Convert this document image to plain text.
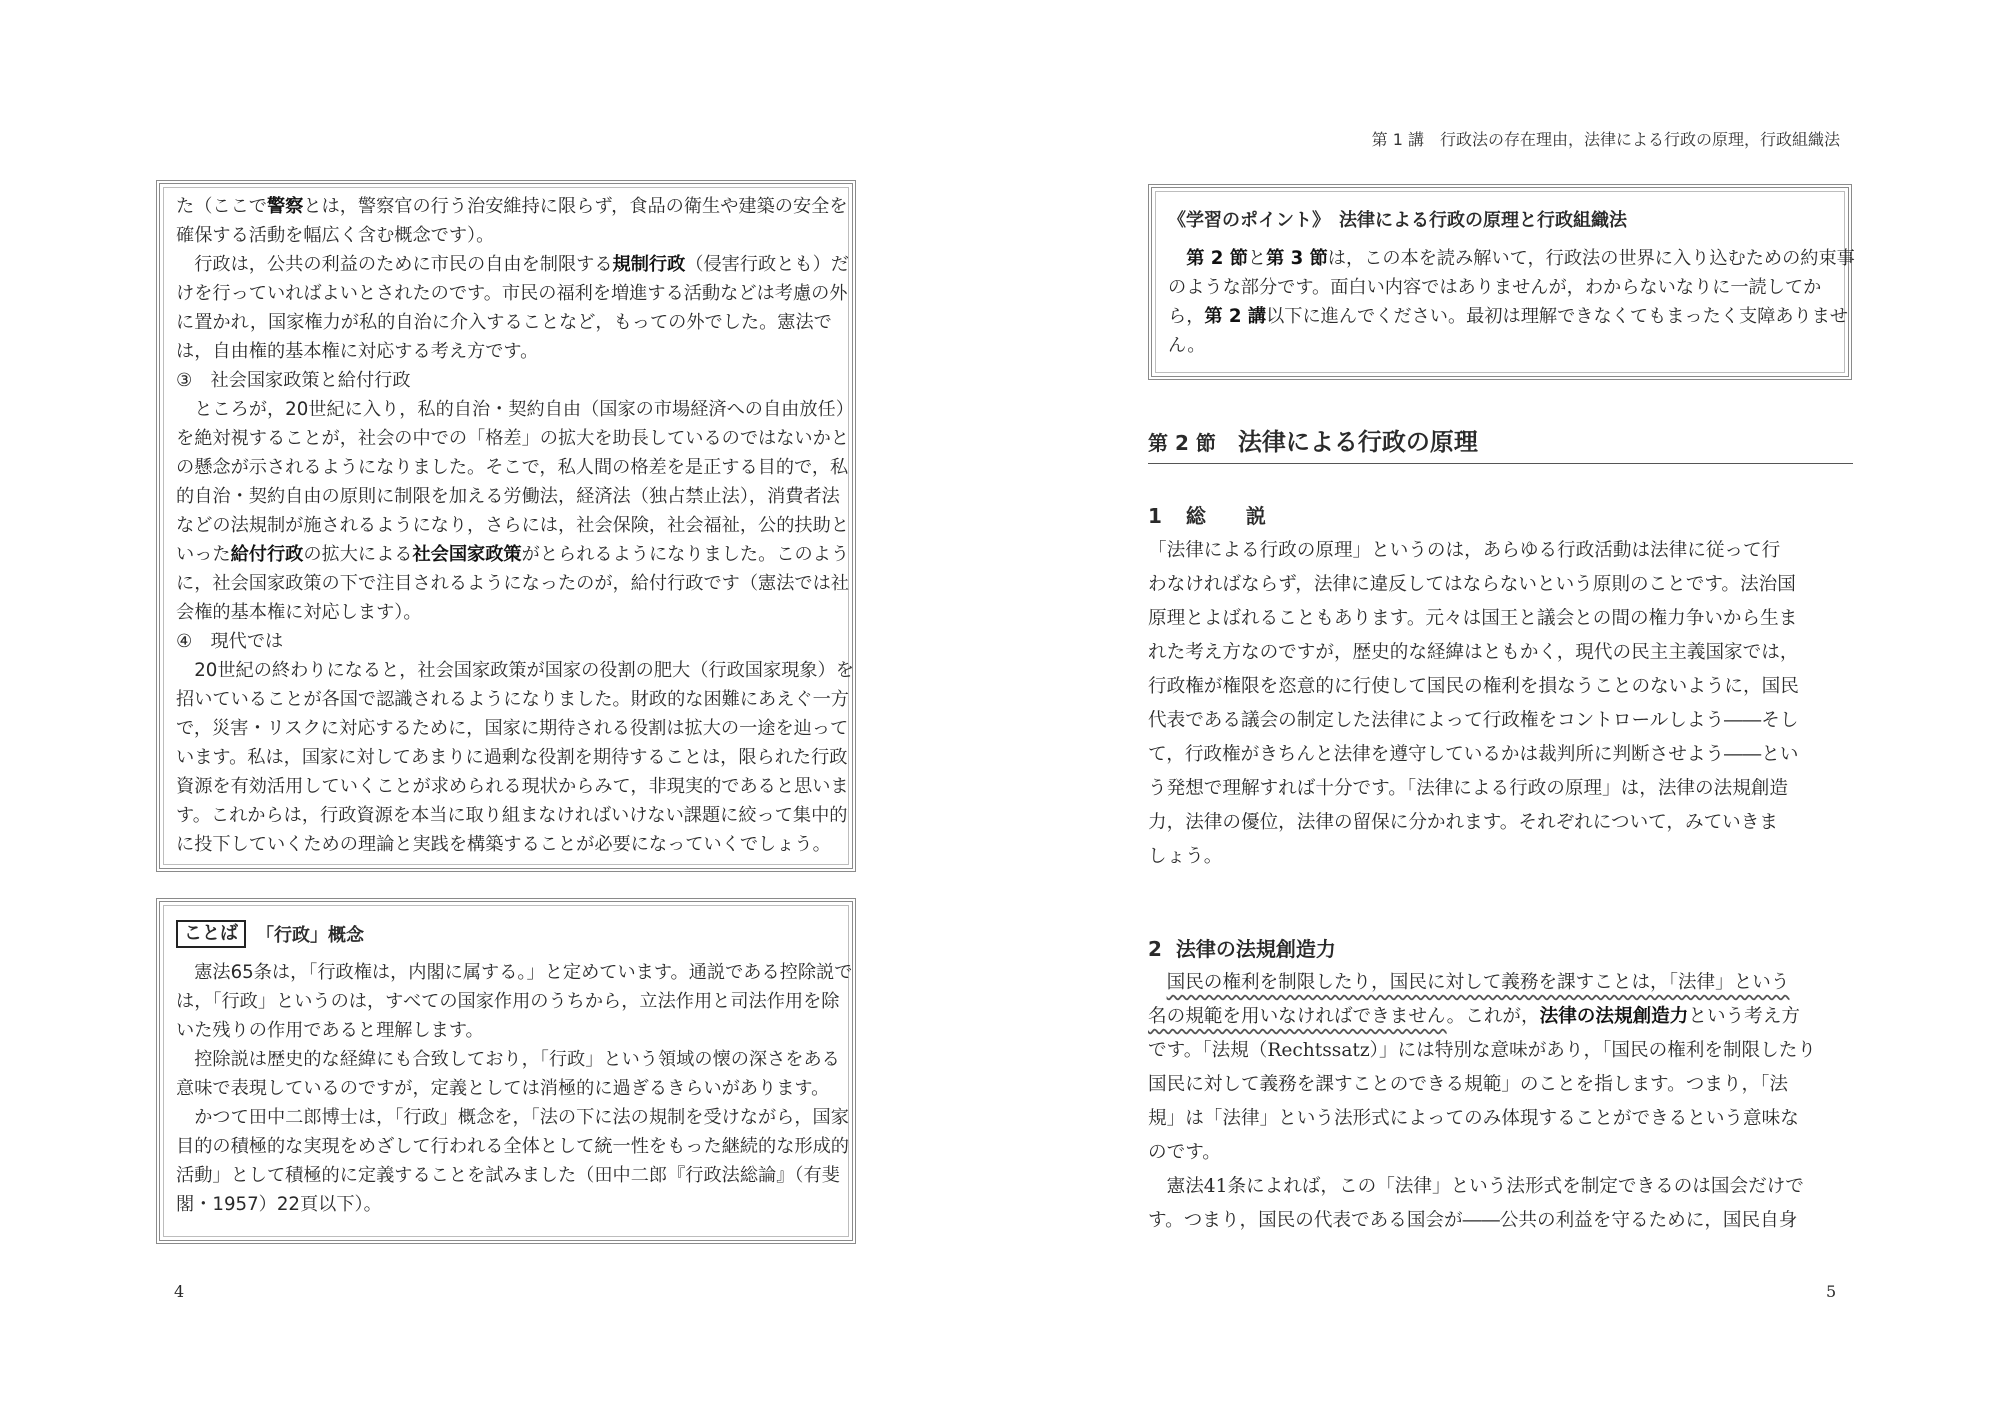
第 1 講　行政法の存在理由，法律による行政の原理，行政組織法

た（ここで警察とは，警察官の行う治安維持に限らず，食品の衛生や建築の安全を

確保する活動を幅広く含む概念です）。

行政は，公共の利益のために市民の自由を制限する規制行政（侵害行政とも）だ

けを行っていればよいとされたのです。市民の福利を増進する活動などは考慮の外

に置かれ，国家権力が私的自治に介入することなど，もっての外でした。憲法で

は，自由権的基本権に対応する考え方です。

③　社会国家政策と給付行政

ところが，20世紀に入り，私的自治・契約自由（国家の市場経済への自由放任）

を絶対視することが，社会の中での「格差」の拡大を助長しているのではないかと

の懸念が示されるようになりました。そこで，私人間の格差を是正する目的で，私

的自治・契約自由の原則に制限を加える労働法，経済法（独占禁止法），消費者法

などの法規制が施されるようになり，さらには，社会保険，社会福祉，公的扶助と

いった給付行政の拡大による社会国家政策がとられるようになりました。このよう

に，社会国家政策の下で注目されるようになったのが，給付行政です（憲法では社

会権的基本権に対応します）。

④　現代では

20世紀の終わりになると，社会国家政策が国家の役割の肥大（行政国家現象）を

招いていることが各国で認識されるようになりました。財政的な困難にあえぐ一方

で，災害・リスクに対応するために，国家に期待される役割は拡大の一途を辿って

います。私は，国家に対してあまりに過剰な役割を期待することは，限られた行政

資源を有効活用していくことが求められる現状からみて，非現実的であると思いま

す。これからは，行政資源を本当に取り組まなければいけない課題に絞って集中的

に投下していくための理論と実践を構築することが必要になっていくでしょう。

ことば	「行政」概念

憲法65条は，「行政権は，内閣に属する。」と定めています。通説である控除説で

は，「行政」というのは，すべての国家作用のうちから，立法作用と司法作用を除

いた残りの作用であると理解します。

控除説は歴史的な経緯にも合致しており，「行政」という領域の懐の深さをある

意味で表現しているのですが，定義としては消極的に過ぎるきらいがあります。

かつて田中二郎博士は，「行政」概念を，「法の下に法の規制を受けながら，国家

目的の積極的な実現をめざして行われる全体として統一性をもった継続的な形成的

活動」として積極的に定義することを試みました（田中二郎『行政法総論』（有斐

閣・1957）22頁以下）。

4
《学習のポイント》　法律による行政の原理と行政組織法

第 2 節と第 3 節は，この本を読み解いて，行政法の世界に入り込むための約束事

のような部分です。面白い内容ではありませんが，わからないなりに一読してか

ら，第 2 講以下に進んでください。最初は理解できなくてもまったく支障ありませ

ん。

第 2 節 法律による行政の原理
1 総　　説

「法律による行政の原理」というのは，あらゆる行政活動は法律に従って行

わなければならず，法律に違反してはならないという原則のことです。法治国

原理とよばれることもあります。元々は国王と議会との間の権力争いから生ま

れた考え方なのですが，歴史的な経緯はともかく，現代の民主主義国家では，

行政権が権限を恣意的に行使して国民の権利を損なうことのないように，国民

代表である議会の制定した法律によって行政権をコントロールしよう――そし

て，行政権がきちんと法律を遵守しているかは裁判所に判断させよう――とい

う発想で理解すれば十分です。「法律による行政の原理」は，法律の法規創造

力，法律の優位，法律の留保に分かれます。それぞれについて，みていきま

しょう。

2 法律の法規創造力

国民の権利を制限したり，国民に対して義務を課すことは，「法律」という

名の規範を用いなければできません。これが，法律の法規創造力という考え方

です。「法規（Rechtssatz）」には特別な意味があり，「国民の権利を制限したり

国民に対して義務を課すことのできる規範」のことを指します。つまり，「法

規」は「法律」という法形式によってのみ体現することができるという意味な

のです。

憲法41条によれば，この「法律」という法形式を制定できるのは国会だけで

す。つまり，国民の代表である国会が――公共の利益を守るために，国民自身

5
